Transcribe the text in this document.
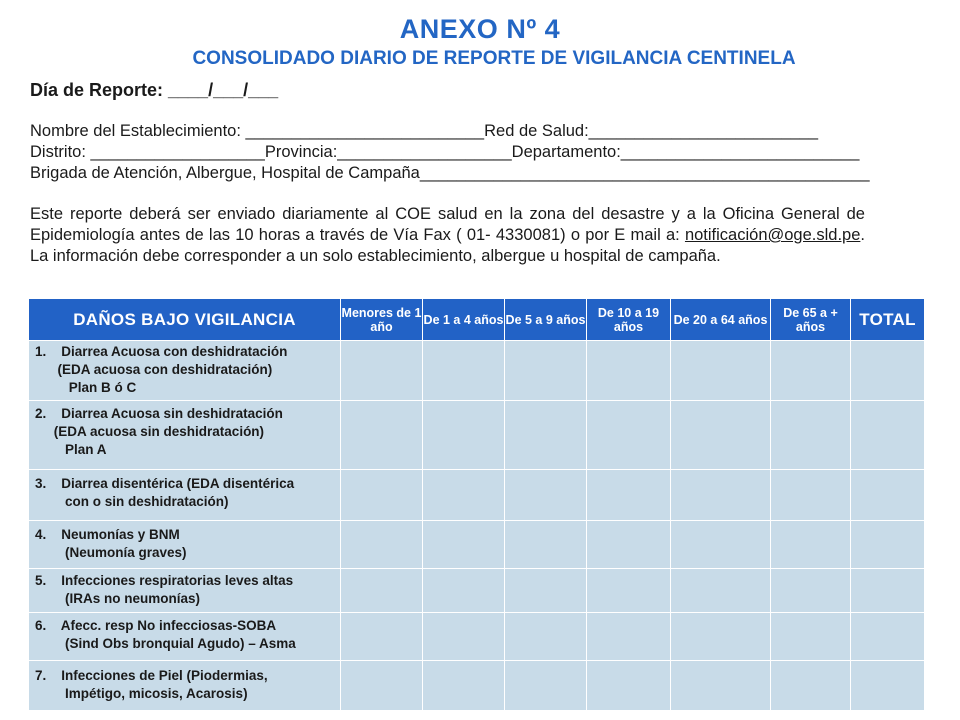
ANEXO Nº 4
CONSOLIDADO DIARIO DE REPORTE DE VIGILANCIA CENTINELA
Día de Reporte: ____/___/___
Nombre del Establecimiento: __________________________Red de Salud:_________________________
Distrito: ___________________Provincia:___________________Departamento:__________________________
Brigada de Atención, Albergue, Hospital de Campaña_________________________________________________
Este reporte deberá ser enviado diariamente al COE salud en la zona del desastre y a la Oficina General de Epidemiología antes de las 10 horas a través de Vía Fax ( 01- 4330081) o por E mail a: notificación@oge.sld.pe. La información debe corresponder a un solo establecimiento, albergue u hospital de campaña.
DAÑOS BAJO VIGILANCIA	Menores de 1 año	De 1 a 4 años	De 5 a 9 años	De 10 a 19 años	De 20 a 64 años	De 65 a + años	TOTAL
1.    Diarrea Acuosa con deshidratación
(EDA acuosa con deshidratación)
Plan B ó C							
2.    Diarrea Acuosa sin deshidratación
(EDA acuosa sin deshidratación)
Plan A							
3.    Diarrea disentérica (EDA disentérica
con o sin deshidratación)							
4.    Neumonías y BNM
(Neumonía graves)							
5.    Infecciones respiratorias leves altas
(IRAs no neumonías)							
6.    Afecc. resp No infecciosas-SOBA
(Sind Obs bronquial Agudo) – Asma							
7.    Infecciones de Piel (Piodermias,
Impétigo, micosis, Acarosis)							
